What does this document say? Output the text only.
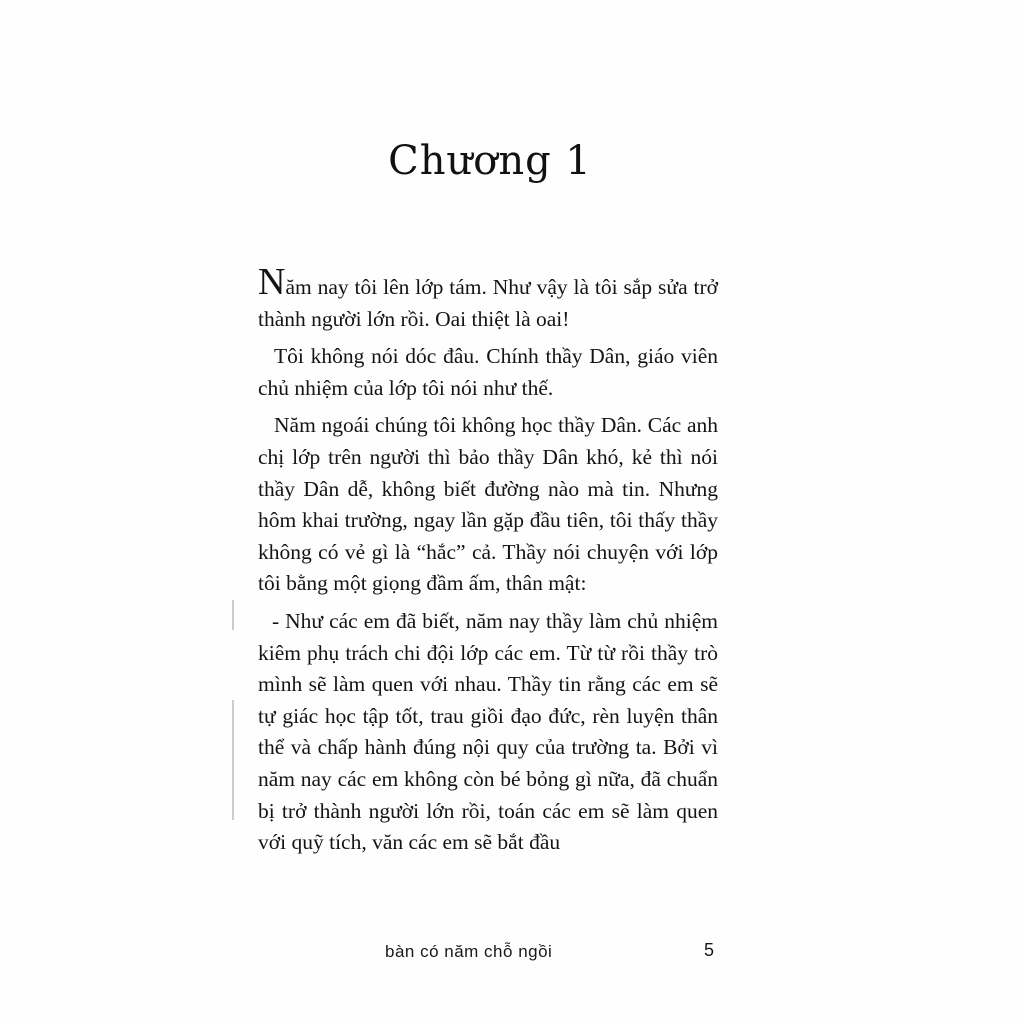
Chương 1

Năm nay tôi lên lớp tám. Như vậy là tôi sắp sửa trở thành người lớn rồi. Oai thiệt là oai!

Tôi không nói dóc đâu. Chính thầy Dân, giáo viên chủ nhiệm của lớp tôi nói như thế.

Năm ngoái chúng tôi không học thầy Dân. Các anh chị lớp trên người thì bảo thầy Dân khó, kẻ thì nói thầy Dân dễ, không biết đường nào mà tin. Nhưng hôm khai trường, ngay lần gặp đầu tiên, tôi thấy thầy không có vẻ gì là “hắc” cả. Thầy nói chuyện với lớp tôi bằng một giọng đầm ấm, thân mật:

- Như các em đã biết, năm nay thầy làm chủ nhiệm kiêm phụ trách chi đội lớp các em. Từ từ rồi thầy trò mình sẽ làm quen với nhau. Thầy tin rằng các em sẽ tự giác học tập tốt, trau giồi đạo đức, rèn luyện thân thể và chấp hành đúng nội quy của trường ta. Bởi vì năm nay các em không còn bé bỏng gì nữa, đã chuẩn bị trở thành người lớn rồi, toán các em sẽ làm quen với quỹ tích, văn các em sẽ bắt đầu

bàn có năm chỗ ngồi	5
